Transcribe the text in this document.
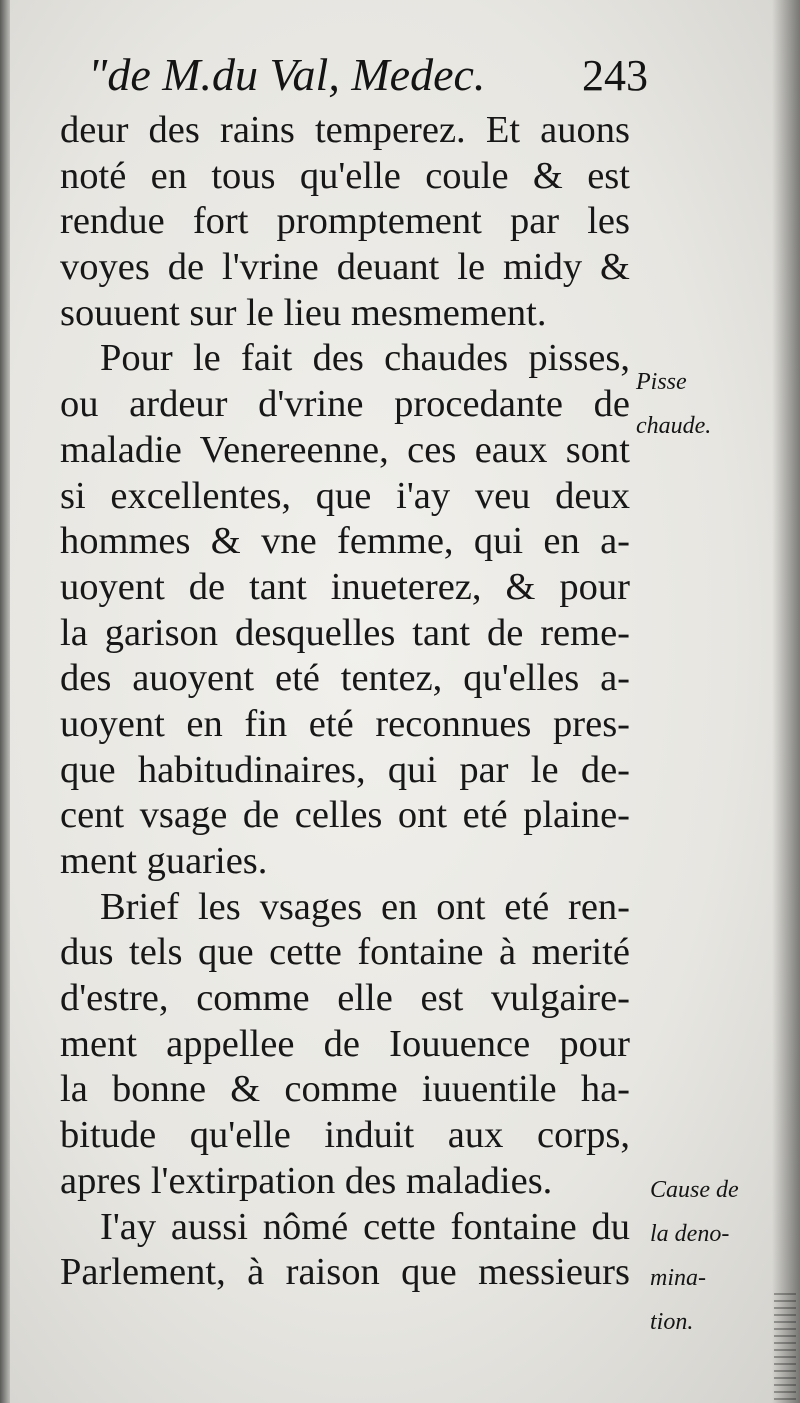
"de M.du Val, Medec. 243
deur des rains temperez. Et auons
noté en tous qu'elle coule & est
rendue fort promptement par les
voyes de l'vrine deuant le midy &
souuent sur le lieu mesmement.
Pour le fait des chaudes pisses,
ou ardeur d'vrine procedante de
maladie Venereenne, ces eaux sont
si excellentes, que i'ay veu deux
hommes & vne femme, qui en a-
uoyent de tant inueterez, & pour
la garison desquelles tant de reme-
des auoyent eté tentez, qu'elles a-
uoyent en fin eté reconnues pres-
que habitudinaires, qui par le de-
cent vsage de celles ont eté plaine-
ment guaries.
Brief les vsages en ont eté ren-
dus tels que cette fontaine à merité
d'estre, comme elle est vulgaire-
ment appellee de Iouuence pour
la bonne & comme iuuentile ha-
bitude qu'elle induit aux corps,
apres l'extirpation des maladies.
I'ay aussi nômé cette fontaine du
Parlement, à raison que messieurs
Pisse
chaude.
Cause de
la deno-
mina-
tion.
